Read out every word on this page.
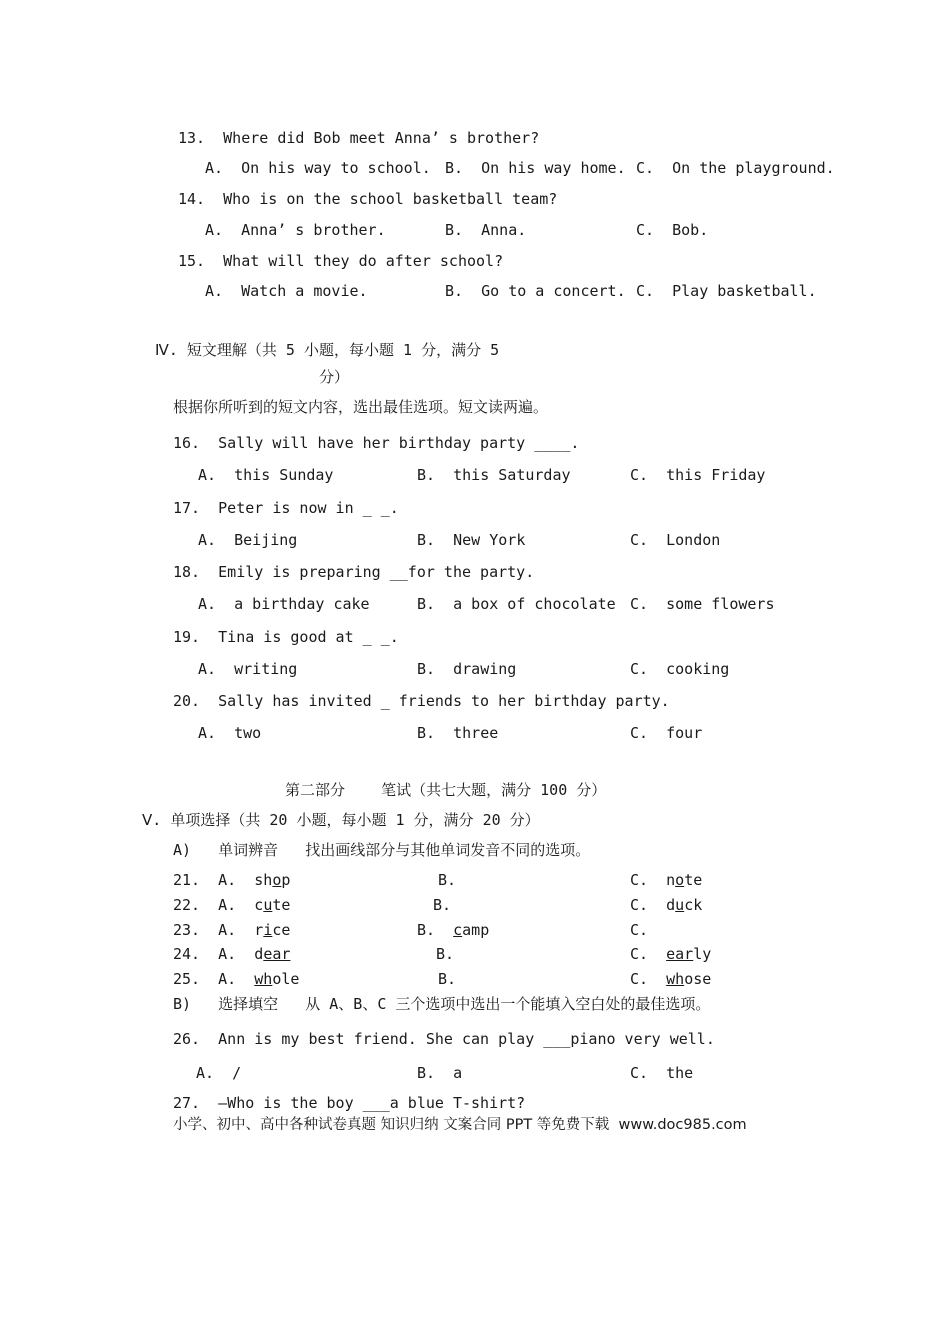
13.  Where did Bob meet Anna’ s brother?
A.  On his way to school. B.  On his way home. C.  On the playground.
14.  Who is on the school basketball team?
A.  Anna’ s brother.	B.  Anna.	C.  Bob.
15.  What will they do after school?
A.  Watch a movie.	B.  Go to a concert. C.  Play basketball.
Ⅳ. 短文理解（共 5 小题，每小题 1 分，满分 5
分）
根据你所听到的短文内容，选出最佳选项。短文读两遍。
16.  Sally will have her birthday party ____.
A.  this Sunday	B.  this Saturday	C.  this Friday
17.  Peter is now in _ _.
A.  Beijing	B.  New York	C.  London
18.  Emily is preparing __for the party.
A.  a birthday cake	B.  a box of chocolate C.  some flowers
19.  Tina is good at _ _.
A.  writing	B.  drawing	C.  cooking
20.  Sally has invited _ friends to her birthday party.
A.  two	B.  three	C.  four
第二部分    笔试（共七大题，满分 100 分）
Ⅴ. 单项选择（共 20 小题，每小题 1 分，满分 20 分）
A)   单词辨音   找出画线部分与其他单词发音不同的选项。
21. A. shop	B.	C. note
22. A. cute	B.	C. duck
23. A. rice	B. camp	C.
24. A. dear	B.	C. early
25. A. whole	B.	C. whose
B)   选择填空   从 A、B、C 三个选项中选出一个能填入空白处的最佳选项。
26.  Ann is my best friend. She can play ___piano very well.
A.  /	B.  a	C.  the
27.  —Who is the boy ___a blue T-shirt?
小学、初中、高中各种试卷真题 知识归纳 文案合同 PPT 等免费下载  www.doc985.com
